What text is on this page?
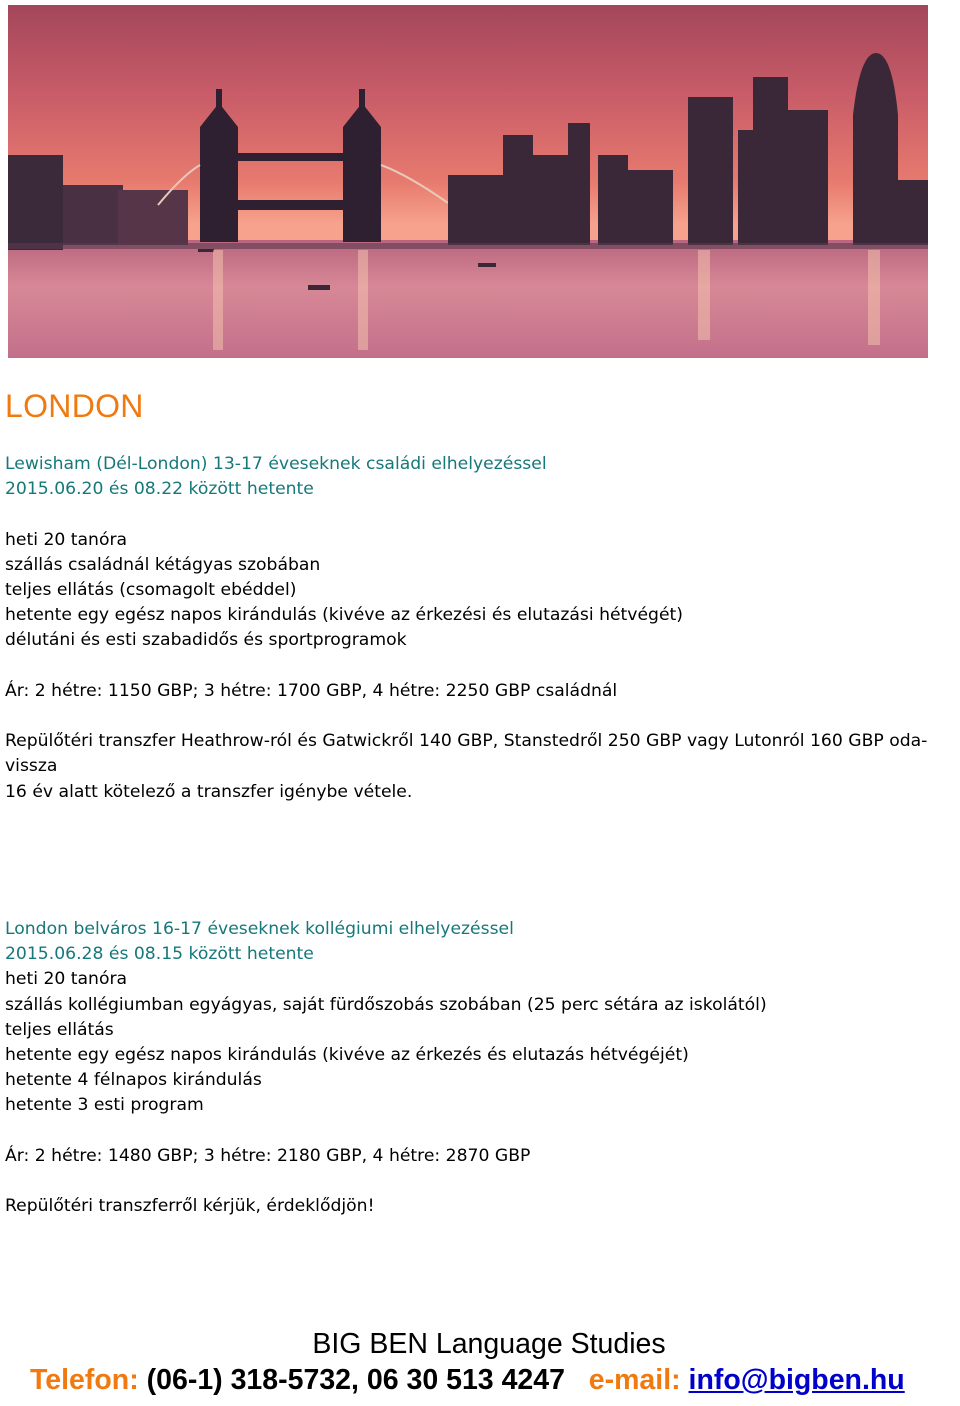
LONDON
Lewisham (Dél-London) 13-17 éveseknek családi elhelyezéssel
2015.06.20 és 08.22 között hetente
heti 20 tanóra
szállás családnál kétágyas szobában
teljes ellátás (csomagolt ebéddel)
hetente egy egész napos kirándulás (kivéve az érkezési és elutazási hétvégét)
délutáni és esti szabadidős és sportprogramok
Ár: 2 hétre: 1150 GBP; 3 hétre: 1700 GBP, 4 hétre: 2250 GBP családnál
Repülőtéri transzfer Heathrow-ról és Gatwickről 140 GBP, Stanstedről 250 GBP vagy Lutonról 160 GBP oda-vissza
16 év alatt kötelező a transzfer igénybe vétele.
London belváros 16-17 éveseknek kollégiumi elhelyezéssel
2015.06.28 és 08.15 között hetente
heti 20 tanóra
szállás kollégiumban egyágyas, saját fürdőszobás szobában (25 perc sétára az iskolától)
teljes ellátás
hetente egy egész napos kirándulás (kivéve az érkezés és elutazás hétvégéjét)
hetente 4 félnapos kirándulás
hetente 3 esti program
Ár: 2 hétre: 1480 GBP; 3 hétre: 2180 GBP, 4 hétre: 2870 GBP
Repülőtéri transzferről kérjük, érdeklődjön!
BIG BEN Language Studies
Telefon: (06-1) 318-5732, 06 30 513 4247 e-mail: info@bigben.hu
